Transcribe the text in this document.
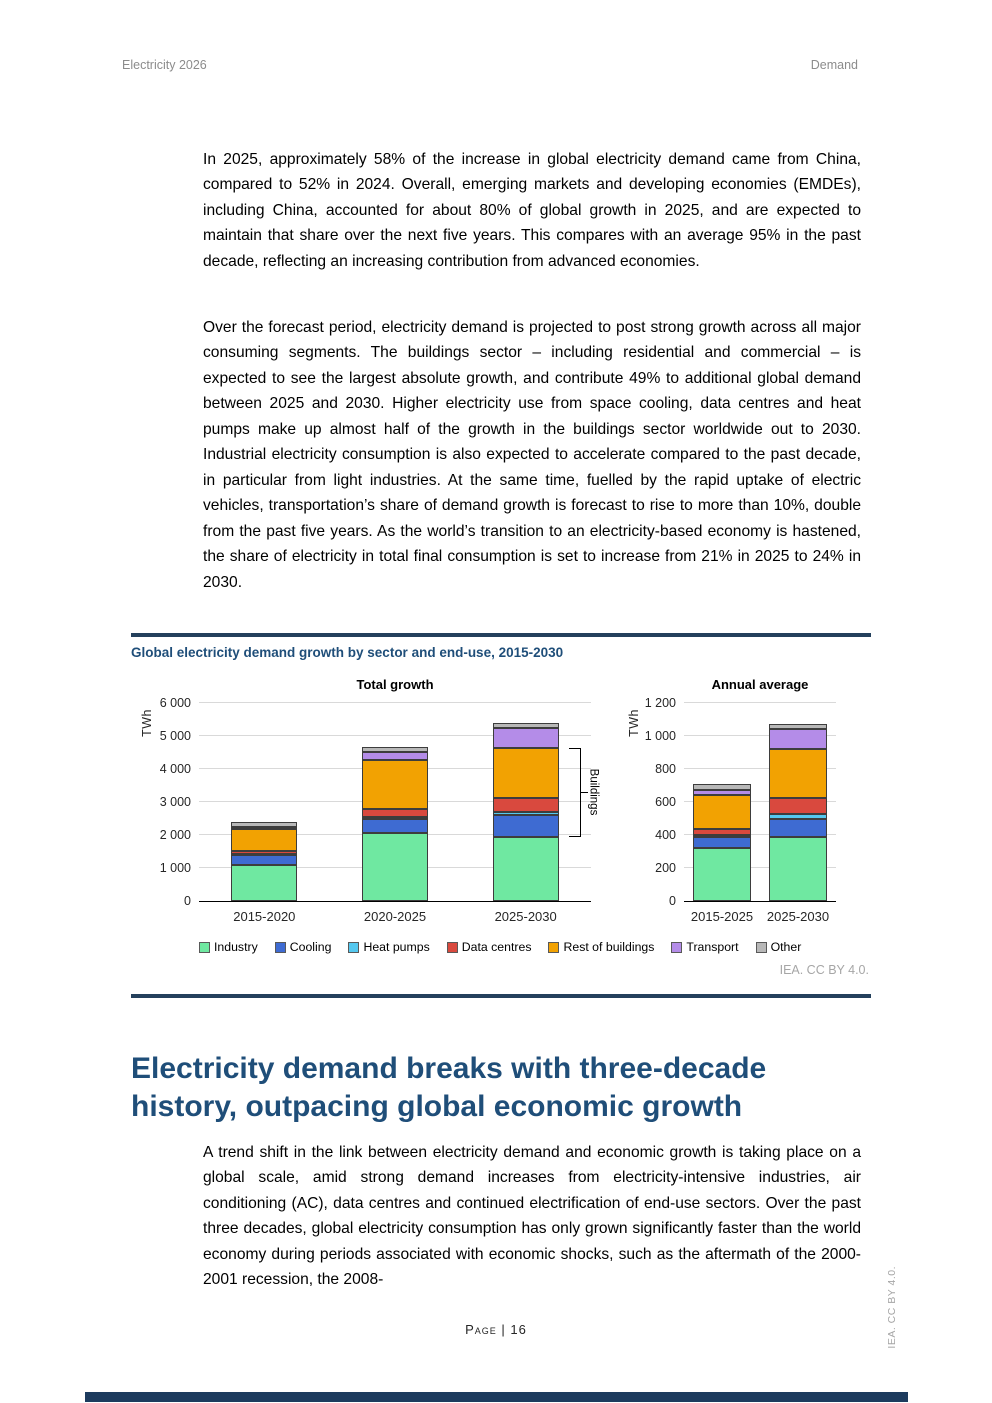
Electricity 2026	Demand

In 2025, approximately 58% of the increase in global electricity demand came from China, compared to 52% in 2024. Overall, emerging markets and developing economies (EMDEs), including China, accounted for about 80% of global growth in 2025, and are expected to maintain that share over the next five years. This compares with an average 95% in the past decade, reflecting an increasing contribution from advanced economies.

Over the forecast period, electricity demand is projected to post strong growth across all major consuming segments. The buildings sector – including residential and commercial – is expected to see the largest absolute growth, and contribute 49% to additional global demand between 2025 and 2030. Higher electricity use from space cooling, data centres and heat pumps make up almost half of the growth in the buildings sector worldwide out to 2030. Industrial electricity consumption is also expected to accelerate compared to the past decade, in particular from light industries. At the same time, fuelled by the rapid uptake of electric vehicles, transportation’s share of demand growth is forecast to rise to more than 10%, double from the past five years. As the world’s transition to an electricity-based economy is hastened, the share of electricity in total final consumption is set to increase from 21% in 2025 to 24% in 2030.

Global electricity demand growth by sector and end-use, 2015-2030
Total growth
TWh
0
1 000
2 000
3 000
4 000
5 000
6 000
Buildings
2015-2020	2020-2025	2025-2030
Annual average
TWh
0
200
400
600
800
1 000
1 200
2015-2025 2025-2030
Industry	Cooling	Heat pumps	Data centres	Rest of buildings	Transport	Other
IEA. CC BY 4.0.
Electricity demand breaks with three-decade history, outpacing global economic growth

A trend shift in the link between electricity demand and economic growth is taking place on a global scale, amid strong demand increases from electricity-intensive industries, air conditioning (AC), data centres and continued electrification of end-use sectors. Over the past three decades, global electricity consumption has only grown significantly faster than the world economy during periods associated with economic shocks, such as the aftermath of the 2000-2001 recession, the 2008-

Page | 16	IEA. CC BY 4.0.
